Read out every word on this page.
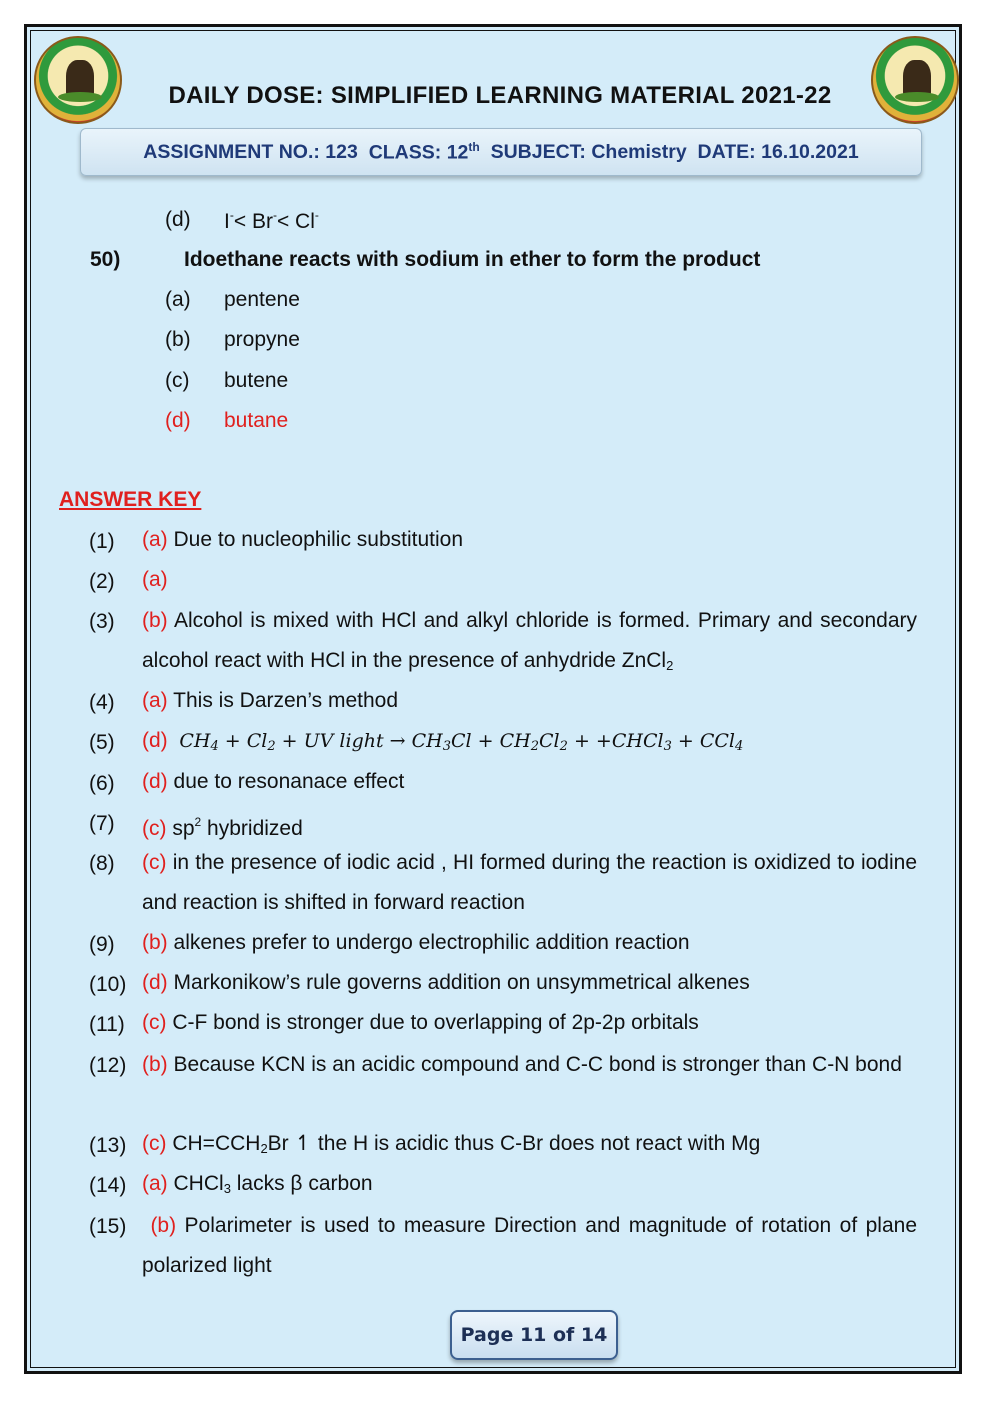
DAILY DOSE: SIMPLIFIED LEARNING MATERIAL 2021-22
ASSIGNMENT NO.: 123
CLASS: 12th
SUBJECT: Chemistry
DATE: 16.10.2021
(d) I-< Br-< Cl-
50)	Idoethane reacts with sodium in ether to form the product
(a) pentene
(b) propyne
(c) butene
(d) butane
ANSWER KEY
(1) (a) Due to nucleophilic substitution
(2) (a)
(3) (b) Alcohol is mixed with HCl and alkyl chloride is formed. Primary and secondary alcohol react with HCl in the presence of anhydride ZnCl$_2$
(4) (a) This is Darzen’s method
(5) (d) $CH_4 + Cl_2$ + UV light → $CH_3Cl + CH_2Cl_2$ + +CHCl$_3$ + CCl$_4$
(6) (d) due to resonanace effect
(7) (c) $sp^2$ hybridized
(8) (c) in the presence of iodic acid , HI formed during the reaction is oxidized to iodine and reaction is shifted in forward reaction
(9) (b) alkenes prefer to undergo electrophilic addition reaction
(10) (d) Markonikow’s rule governs addition on unsymmetrical alkenes
(11) (c) C-F bond is stronger due to overlapping of 2p-2p orbitals
(12) (b) Because KCN is an acidic compound and C-C bond is stronger than C-N bond
(13) (c) $CH=CCH_2Br$ ↿ the H is acidic thus C-Br does not react with Mg
(14) (a) CHCl$_3$ lacks β carbon
(15)	(b) Polarimeter is used to measure Direction and magnitude of rotation of plane polarized light
Page 11 of 14
